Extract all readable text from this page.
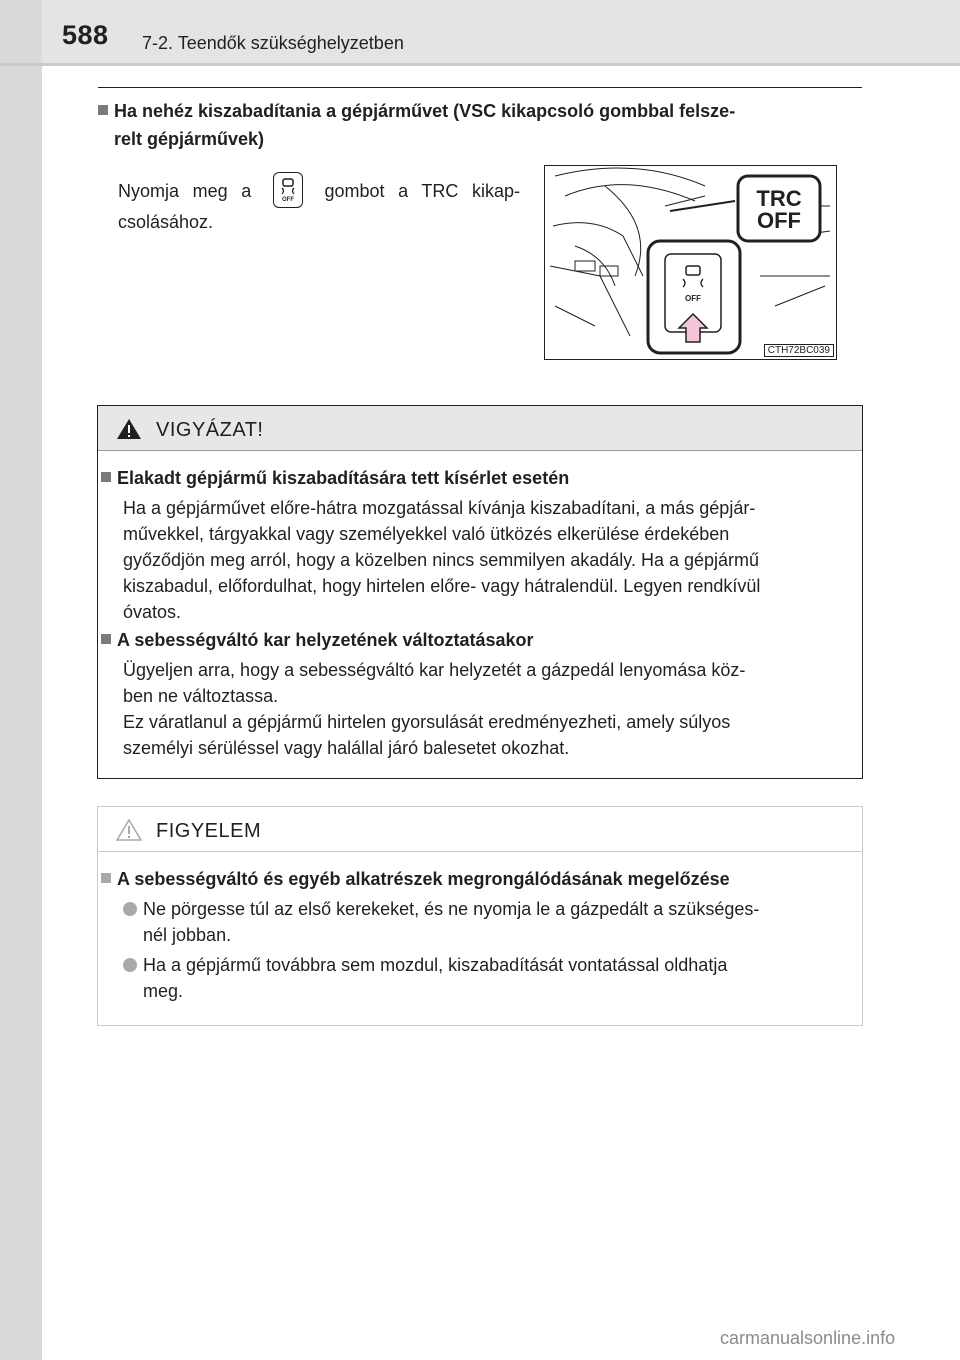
588 7-2. Teendők szükséghelyzetben
Ha nehéz kiszabadítania a gépjárművet (VSC kikapcsoló gombbal felsze-
relt gépjárművek)
Nyomja meg a	OFF gombot a TRC kikap-
csolásához.
TRC
OFF
OFF
CTH72BC039
VIGYÁZAT!
Elakadt gépjármű kiszabadítására tett kísérlet esetén
Ha a gépjárművet előre-hátra mozgatással kívánja kiszabadítani, a más gépjár-
művekkel, tárgyakkal vagy személyekkel való ütközés elkerülése érdekében
győződjön meg arról, hogy a közelben nincs semmilyen akadály. Ha a gépjármű
kiszabadul, előfordulhat, hogy hirtelen előre- vagy hátralendül. Legyen rendkívül
óvatos.
A sebességváltó kar helyzetének változtatásakor
Ügyeljen arra, hogy a sebességváltó kar helyzetét a gázpedál lenyomása köz-
ben ne változtassa.
Ez váratlanul a gépjármű hirtelen gyorsulását eredményezheti, amely súlyos
személyi sérüléssel vagy halállal járó balesetet okozhat.
FIGYELEM
A sebességváltó és egyéb alkatrészek megrongálódásának megelőzése
Ne pörgesse túl az első kerekeket, és ne nyomja le a gázpedált a szükséges-
nél jobban.
Ha a gépjármű továbbra sem mozdul, kiszabadítását vontatással oldhatja
meg.
carmanualsonline.info
